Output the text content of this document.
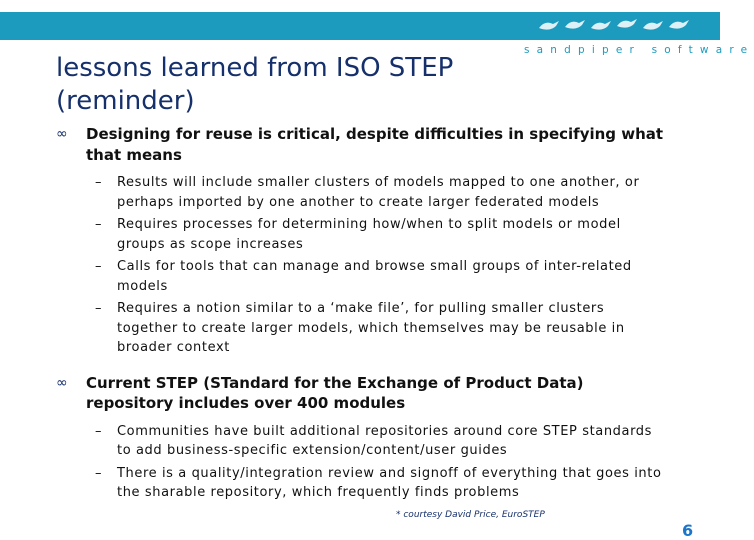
sandpiper software
lessons learned from ISO STEP
(reminder)
∞	Designing for reuse is critical, despite difficulties in specifying what that means
– Results will include smaller clusters of models mapped to one another, or perhaps imported by one another to create larger federated models
– Requires processes for determining how/when to split models or model groups as scope increases
– Calls for tools that can manage and browse small groups of inter-related models
– Requires a notion similar to a ‘make file’, for pulling smaller clusters together to create larger models, which themselves may be reusable in broader context
∞	Current STEP (STandard for the Exchange of Product Data) repository includes over 400 modules
– Communities have built additional repositories around core STEP standards to add business-specific extension/content/user guides
– There is a quality/integration review and signoff of everything that goes into the sharable repository, which frequently finds problems
* courtesy David Price, EuroSTEP
6
